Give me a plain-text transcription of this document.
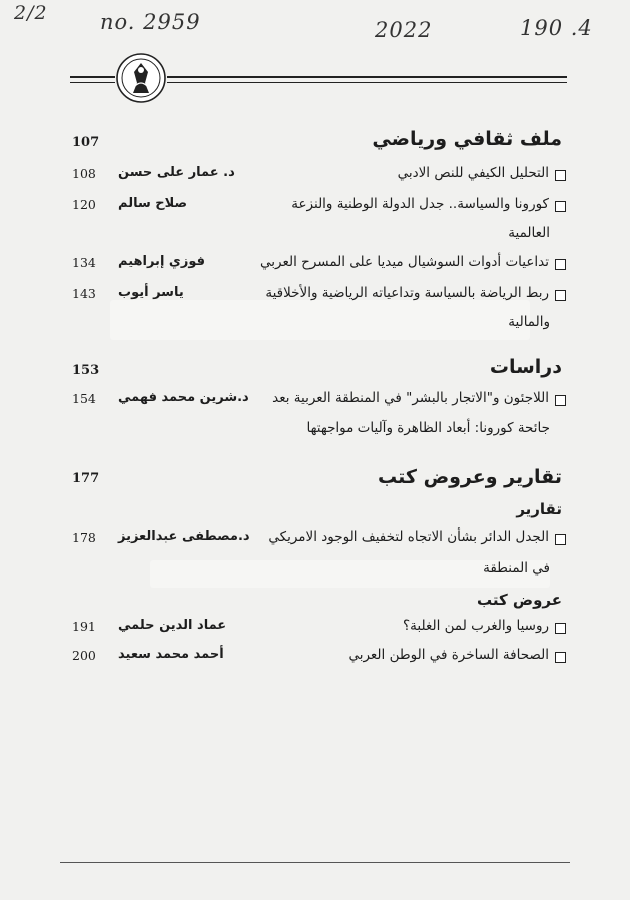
2/2 no. 2959	2022	190 .4
ملف ثقافي ورياضي
107
التحليل الكيفي للنص الادبي
د. عمار على حسن
108
كورونا والسياسة.. جدل الدولة الوطنية والنزعة
صلاح سالم
120
العالمية
تداعيات أدوات السوشيال ميديا على المسرح العربي
فوزي إبراهيم
134
ربط الرياضة بالسياسة وتداعياته الرياضية والأخلاقية
ياسر أيوب
143
والمالية
دراسات
153
اللاجئون و"الاتجار بالبشر" في المنطقة العربية بعد
د.شرين محمد فهمي
154
جائحة كورونا: أبعاد الظاهرة وآليات مواجهتها
تقارير وعروض كتب
177
تقارير
الجدل الدائر بشأن الاتجاه لتخفيف الوجود الامريكي
د.مصطفى عبدالعزيز
178
في المنطقة
عروض كتب
روسيا والغرب لمن الغلبة؟
عماد الدين حلمي
191
الصحافة الساخرة في الوطن العربي
أحمد محمد سعيد
200
